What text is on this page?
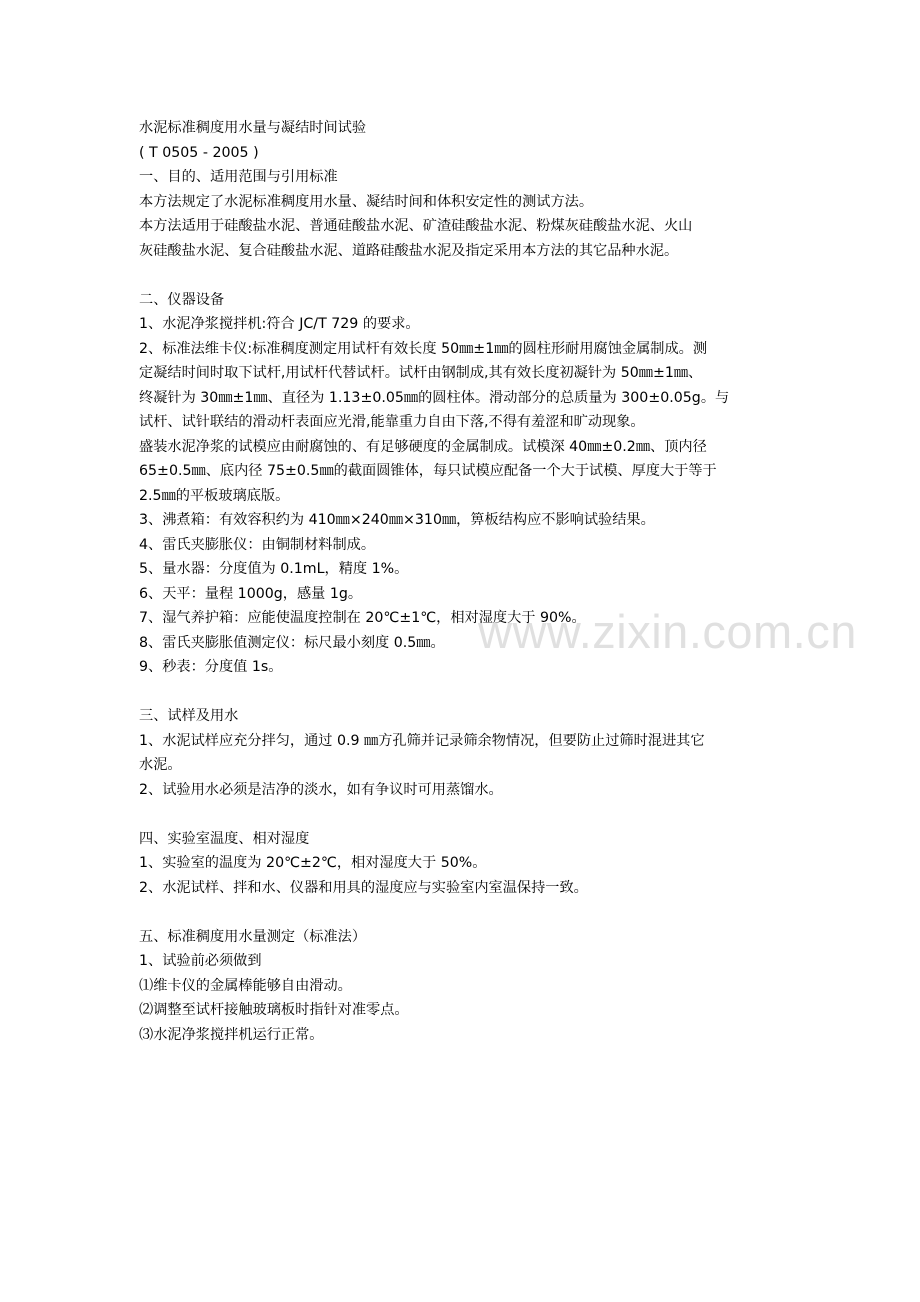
水泥标准稠度用水量与凝结时间试验
( T 0505 - 2005 )
一、目的、适用范围与引用标准
本方法规定了水泥标准稠度用水量、凝结时间和体积安定性的测试方法。
本方法适用于硅酸盐水泥、普通硅酸盐水泥、矿渣硅酸盐水泥、粉煤灰硅酸盐水泥、火山
灰硅酸盐水泥、复合硅酸盐水泥、道路硅酸盐水泥及指定采用本方法的其它品种水泥。
二、仪器设备
1、水泥净浆搅拌机:符合 JC/T 729 的要求。
2、标准法维卡仪:标准稠度测定用试杆有效长度 50㎜±1㎜的圆柱形耐用腐蚀金属制成。测
定凝结时间时取下试杆,用试杆代替试杆。试杆由钢制成,其有效长度初凝针为 50㎜±1㎜、
终凝针为 30㎜±1㎜、直径为 1.13±0.05㎜的圆柱体。滑动部分的总质量为 300±0.05g。与
试杆、试针联结的滑动杆表面应光滑,能靠重力自由下落,不得有羞涩和旷动现象。
盛装水泥净浆的试模应由耐腐蚀的、有足够硬度的金属制成。试模深 40㎜±0.2㎜、顶内径
65±0.5㎜、底内径 75±0.5㎜的截面圆锥体，每只试模应配备一个大于试模、厚度大于等于
2.5㎜的平板玻璃底版。
3、沸煮箱：有效容积约为 410㎜×240㎜×310㎜，箅板结构应不影响试验结果。
4、雷氏夹膨胀仪：由铜制材料制成。
5、量水器：分度值为 0.1mL，精度 1%。
6、天平：量程 1000g，感量 1g。
7、湿气养护箱：应能使温度控制在 20℃±1℃，相对湿度大于 90%。
8、雷氏夹膨胀值测定仪：标尺最小刻度 0.5㎜。
9、秒表：分度值 1s。
三、试样及用水
1、水泥试样应充分拌匀，通过 0.9 ㎜方孔筛并记录筛余物情况，但要防止过筛时混进其它
水泥。
2、试验用水必须是洁净的淡水，如有争议时可用蒸馏水。
四、实验室温度、相对湿度
1、实验室的温度为 20℃±2℃，相对湿度大于 50%。
2、水泥试样、拌和水、仪器和用具的湿度应与实验室内室温保持一致。
五、标准稠度用水量测定（标准法）
1、试验前必须做到
⑴维卡仪的金属棒能够自由滑动。
⑵调整至试杆接触玻璃板时指针对准零点。
⑶水泥净浆搅拌机运行正常。
www.zixin.com.cn
